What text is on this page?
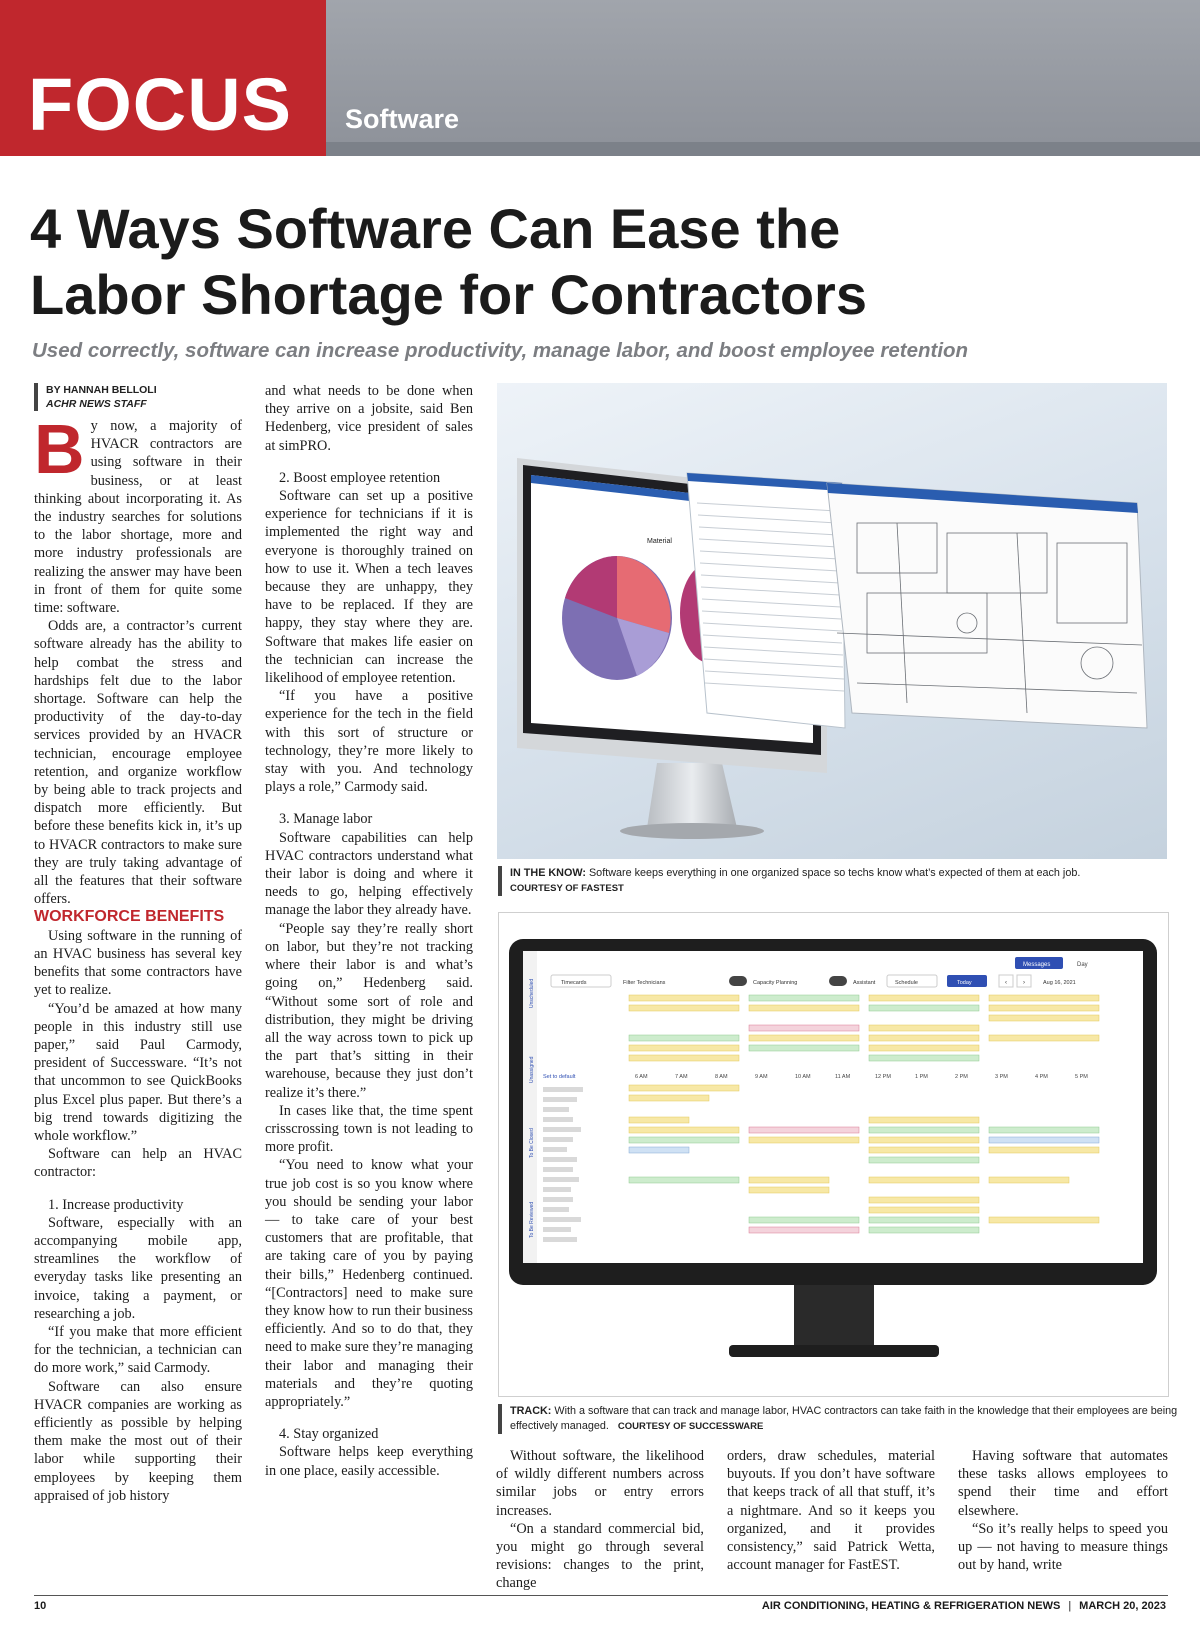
FOCUS	Software
4 Ways Software Can Ease the
Labor Shortage for Contractors
Used correctly, software can increase productivity, manage labor, and boost employee retention
BY HANNAH BELLOLI
ACHR NEWS STAFF

By now, a majority of HVACR contractors are using software in their business, or at least thinking about incorporating it. As the industry searches for solutions to the labor shortage, more and more industry professionals are realizing the answer may have been in front of them for quite some time: software.

Odds are, a contractor’s current software already has the ability to help combat the stress and hardships felt due to the labor shortage. Software can help the productivity of the day-to-day services provided by an HVACR technician, encourage employee retention, and organize workflow by being able to track projects and dispatch more efficiently. But before these benefits kick in, it’s up to HVACR contractors to make sure they are truly taking advantage of all the features that their software offers.

WORKFORCE BENEFITS

Using software in the running of an HVAC business has several key benefits that some contractors have yet to realize.

“You’d be amazed at how many people in this industry still use paper,” said Paul Carmody, president of Successware. “It’s not that uncommon to see QuickBooks plus Excel plus paper. But there’s a big trend towards digitizing the whole workflow.”

Software can help an HVAC contractor:

1. Increase productivity

Software, especially with an accompanying mobile app, streamlines the workflow of everyday tasks like presenting an invoice, taking a payment, or researching a job.

“If you make that more efficient for the technician, a technician can do more work,” said Carmody.

Software can also ensure HVACR companies are working as efficiently as possible by helping them make the most out of their labor while supporting their employees by keeping them appraised of job history

and what needs to be done when they arrive on a jobsite, said Ben Hedenberg, vice president of sales at simPRO.

2. Boost employee retention

Software can set up a positive experience for technicians if it is implemented the right way and everyone is thoroughly trained on how to use it. When a tech leaves because they are unhappy, they have to be replaced. If they are happy, they stay where they are. Software that makes life easier on the technician can increase the likelihood of employee retention.

“If you have a positive experience for the tech in the field with this sort of structure or technology, they’re more likely to stay with you. And technology plays a role,” Carmody said.

3. Manage labor

Software capabilities can help HVAC contractors understand what their labor is doing and where it needs to go, helping effectively manage the labor they already have.

“People say they’re really short on labor, but they’re not tracking where their labor is and what’s going on,” Hedenberg said. “Without some sort of role and distribution, they might be driving all the way across town to pick up the part that’s sitting in their warehouse, because they just don’t realize it’s there.”

In cases like that, the time spent crisscrossing town is not leading to more profit.

“You need to know what your true job cost is so you know where you should be sending your labor — to take care of your best customers that are profitable, that are taking care of you by paying their bills,” Hedenberg continued. “[Contractors] need to make sure they know how to run their business efficiently. And so to do that, they need to make sure they’re managing their labor and managing their materials and they’re quoting appropriately.”

4. Stay organized

Software helps keep everything in one place, easily accessible.

Material
IN THE KNOW: Software keeps everything in one organized space so techs know what’s expected of them at each job.
COURTESY OF FASTEST
Messages	Day
Timecards	Filter Technicians	Capacity Planning	Assistant	Schedule	Today	‹	›	Aug 16, 2021
Unscheduled
Unassigned
To Be Closed
To Be Reviewed
Set to default	6 AM	7 AM	8 AM	9 AM	10 AM	11 AM	12 PM	1 PM	2 PM	3 PM	4 PM	5 PM
TRACK: With a software that can track and manage labor, HVAC contractors can take faith in the knowledge that their employees are being effectively managed. COURTESY OF SUCCESSWARE

Without software, the likelihood of wildly different numbers across similar jobs or entry errors increases.

“On a standard commercial bid, you might go through several revisions: changes to the print, change

orders, draw schedules, material buyouts. If you don’t have software that keeps track of all that stuff, it’s a nightmare. And so it keeps you organized, and it provides consistency,” said Patrick Wetta, account manager for FastEST.

Having software that automates these tasks allows employees to spend their time and effort elsewhere.

“So it’s really helps to speed you up — not having to measure things out by hand, write

10	AIR CONDITIONING, HEATING & REFRIGERATION NEWS | MARCH 20, 2023
